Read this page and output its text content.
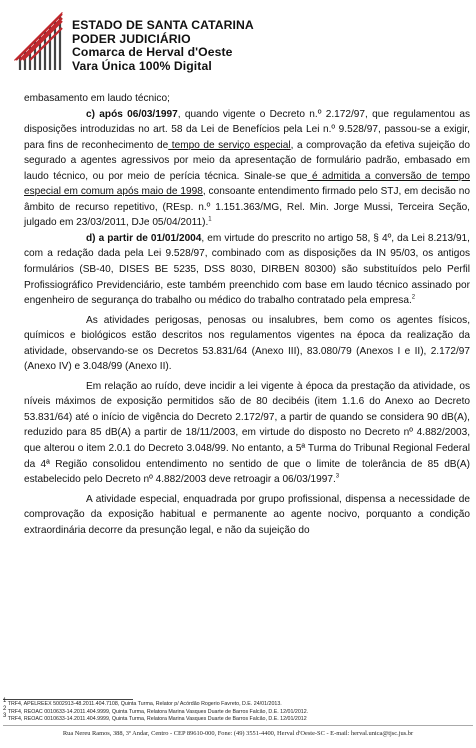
ESTADO DE SANTA CATARINA
PODER JUDICIÁRIO
Comarca de Herval d'Oeste
Vara Única 100% Digital

embasamento em laudo técnico;

c) após 06/03/1997, quando vigente o Decreto n.º 2.172/97, que regulamentou as disposições introduzidas no art. 58 da Lei de Benefícios pela Lei n.º 9.528/97, passou-se a exigir, para fins de reconhecimento de tempo de serviço especial, a comprovação da efetiva sujeição do segurado a agentes agressivos por meio da apresentação de formulário padrão, embasado em laudo técnico, ou por meio de perícia técnica. Sinale-se que é admitida a conversão de tempo especial em comum após maio de 1998, consoante entendimento firmado pelo STJ, em decisão no âmbito de recurso repetitivo, (REsp. n.º 1.151.363/MG, Rel. Min. Jorge Mussi, Terceira Seção, julgado em 23/03/2011, DJe 05/04/2011).$^1$

d) a partir de 01/01/2004, em virtude do prescrito no artigo 58, § 4º, da Lei 8.213/91, com a redação dada pela Lei 9.528/97, combinado com as disposições da IN 95/03, os antigos formulários (SB-40, DISES BE 5235, DSS 8030, DIRBEN 80300) são substituídos pelo Perfil Profissiográfico Previdenciário, este também preenchido com base em laudo técnico assinado por engenheiro de segurança do trabalho ou médico do trabalho contratado pela empresa.$^2$

As atividades perigosas, penosas ou insalubres, bem como os agentes físicos, químicos e biológicos estão descritos nos regulamentos vigentes na época da realização da atividade, observando-se os Decretos 53.831/64 (Anexo III), 83.080/79 (Anexos I e II), 2.172/97 (Anexo IV) e 3.048/99 (Anexo II).

Em relação ao ruído, deve incidir a lei vigente à época da prestação da atividade, os níveis máximos de exposição permitidos são de 80 decibéis (item 1.1.6 do Anexo ao Decreto 53.831/64) até o início de vigência do Decreto 2.172/97, a partir de quando se considera 90 dB(A), reduzido para 85 dB(A) a partir de 18/11/2003, em virtude do disposto no Decreto nº 4.882/2003, que alterou o item 2.0.1 do Decreto 3.048/99. No entanto, a 5ª Turma do Tribunal Regional Federal da 4ª Região consolidou entendimento no sentido de que o limite de tolerância de 85 dB(A) estabelecido pelo Decreto nº 4.882/2003 deve retroagir a 06/03/1997.$^3$

A atividade especial, enquadrada por grupo profissional, dispensa a necessidade de comprovação da exposição habitual e permanente ao agente nocivo, porquanto a condição extraordinária decorre da presunção legal, e não da sujeição do

$^1$ TRF4, APELREEX 5002913-48.2011.404.7108, Quinta Turma, Relator p/ Acórdão Rogerio Favreto, D.E. 24/01/2013.
$^2$ TRF4, REOAC 0010633-14.2011.404.9999, Quinta Turma, Relatora Marina Vasques Duarte de Barros Falcão, D.E. 12/01/2012.
$^3$ TRF4, REOAC 0010633-14.2011.404.9999, Quinta Turma, Relatora Marina Vasques Duarte de Barros Falcão, D.E. 12/01/2012
Rua Nereu Ramos, 388, 3º Andar, Centro - CEP 89610-000, Fone: (49) 3551-4400, Herval d'Oeste-SC - E-mail: herval.unica@tjsc.jus.br
